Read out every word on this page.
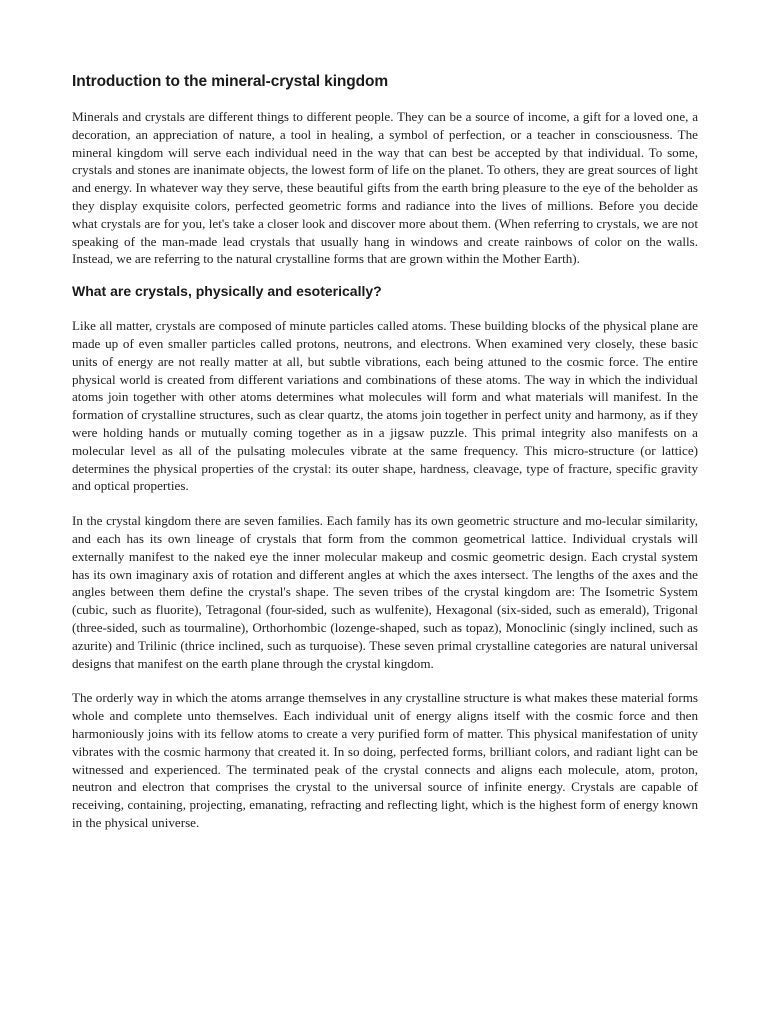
Introduction to the mineral-crystal kingdom

Minerals and crystals are different things to different people. They can be a source of income, a gift for a loved one, a decoration, an appreciation of nature, a tool in healing, a symbol of perfection, or a teacher in consciousness. The mineral kingdom will serve each individual need in the way that can best be accepted by that individual. To some, crystals and stones are inanimate objects, the lowest form of life on the planet. To others, they are great sources of light and energy. In whatever way they serve, these beautiful gifts from the earth bring pleasure to the eye of the beholder as they display exquisite colors, perfected geometric forms and radiance into the lives of millions. Before you decide what crystals are for you, let's take a closer look and discover more about them. (When referring to crystals, we are not speaking of the man-made lead crystals that usually hang in windows and create rainbows of color on the walls. Instead, we are referring to the natural crystalline forms that are grown within the Mother Earth).

What are crystals, physically and esoterically?

Like all matter, crystals are composed of minute particles called atoms. These building blocks of the physical plane are made up of even smaller particles called protons, neutrons, and electrons. When examined very closely, these basic units of energy are not really matter at all, but subtle vibrations, each being attuned to the cosmic force. The entire physical world is created from different variations and combinations of these atoms. The way in which the individual atoms join together with other atoms determines what molecules will form and what materials will manifest. In the formation of crystalline structures, such as clear quartz, the atoms join together in perfect unity and harmony, as if they were holding hands or mutually coming together as in a jigsaw puzzle. This primal integrity also manifests on a molecular level as all of the pulsating molecules vibrate at the same frequency. This micro-structure (or lattice) determines the physical properties of the crystal: its outer shape, hardness, cleavage, type of fracture, specific gravity and optical properties.

In the crystal kingdom there are seven families. Each family has its own geometric structure and mo-lecular similarity, and each has its own lineage of crystals that form from the common geometrical lattice. Individual crystals will externally manifest to the naked eye the inner molecular makeup and cosmic geometric design. Each crystal system has its own imaginary axis of rotation and different angles at which the axes intersect. The lengths of the axes and the angles between them define the crystal's shape. The seven tribes of the crystal kingdom are: The Isometric System (cubic, such as fluorite), Tetragonal (four-sided, such as wulfenite), Hexagonal (six-sided, such as emerald), Trigonal (three-sided, such as tourmaline), Orthorhombic (lozenge-shaped, such as topaz), Monoclinic (singly inclined, such as azurite) and Trilinic (thrice inclined, such as turquoise). These seven primal crystalline categories are natural universal designs that manifest on the earth plane through the crystal kingdom.

The orderly way in which the atoms arrange themselves in any crystalline structure is what makes these material forms whole and complete unto themselves. Each individual unit of energy aligns itself with the cosmic force and then harmoniously joins with its fellow atoms to create a very purified form of matter. This physical manifestation of unity vibrates with the cosmic harmony that created it. In so doing, perfected forms, brilliant colors, and radiant light can be witnessed and experienced. The terminated peak of the crystal connects and aligns each molecule, atom, proton, neutron and electron that comprises the crystal to the universal source of infinite energy. Crystals are capable of receiving, containing, projecting, emanating, refracting and reflecting light, which is the highest form of energy known in the physical universe.
